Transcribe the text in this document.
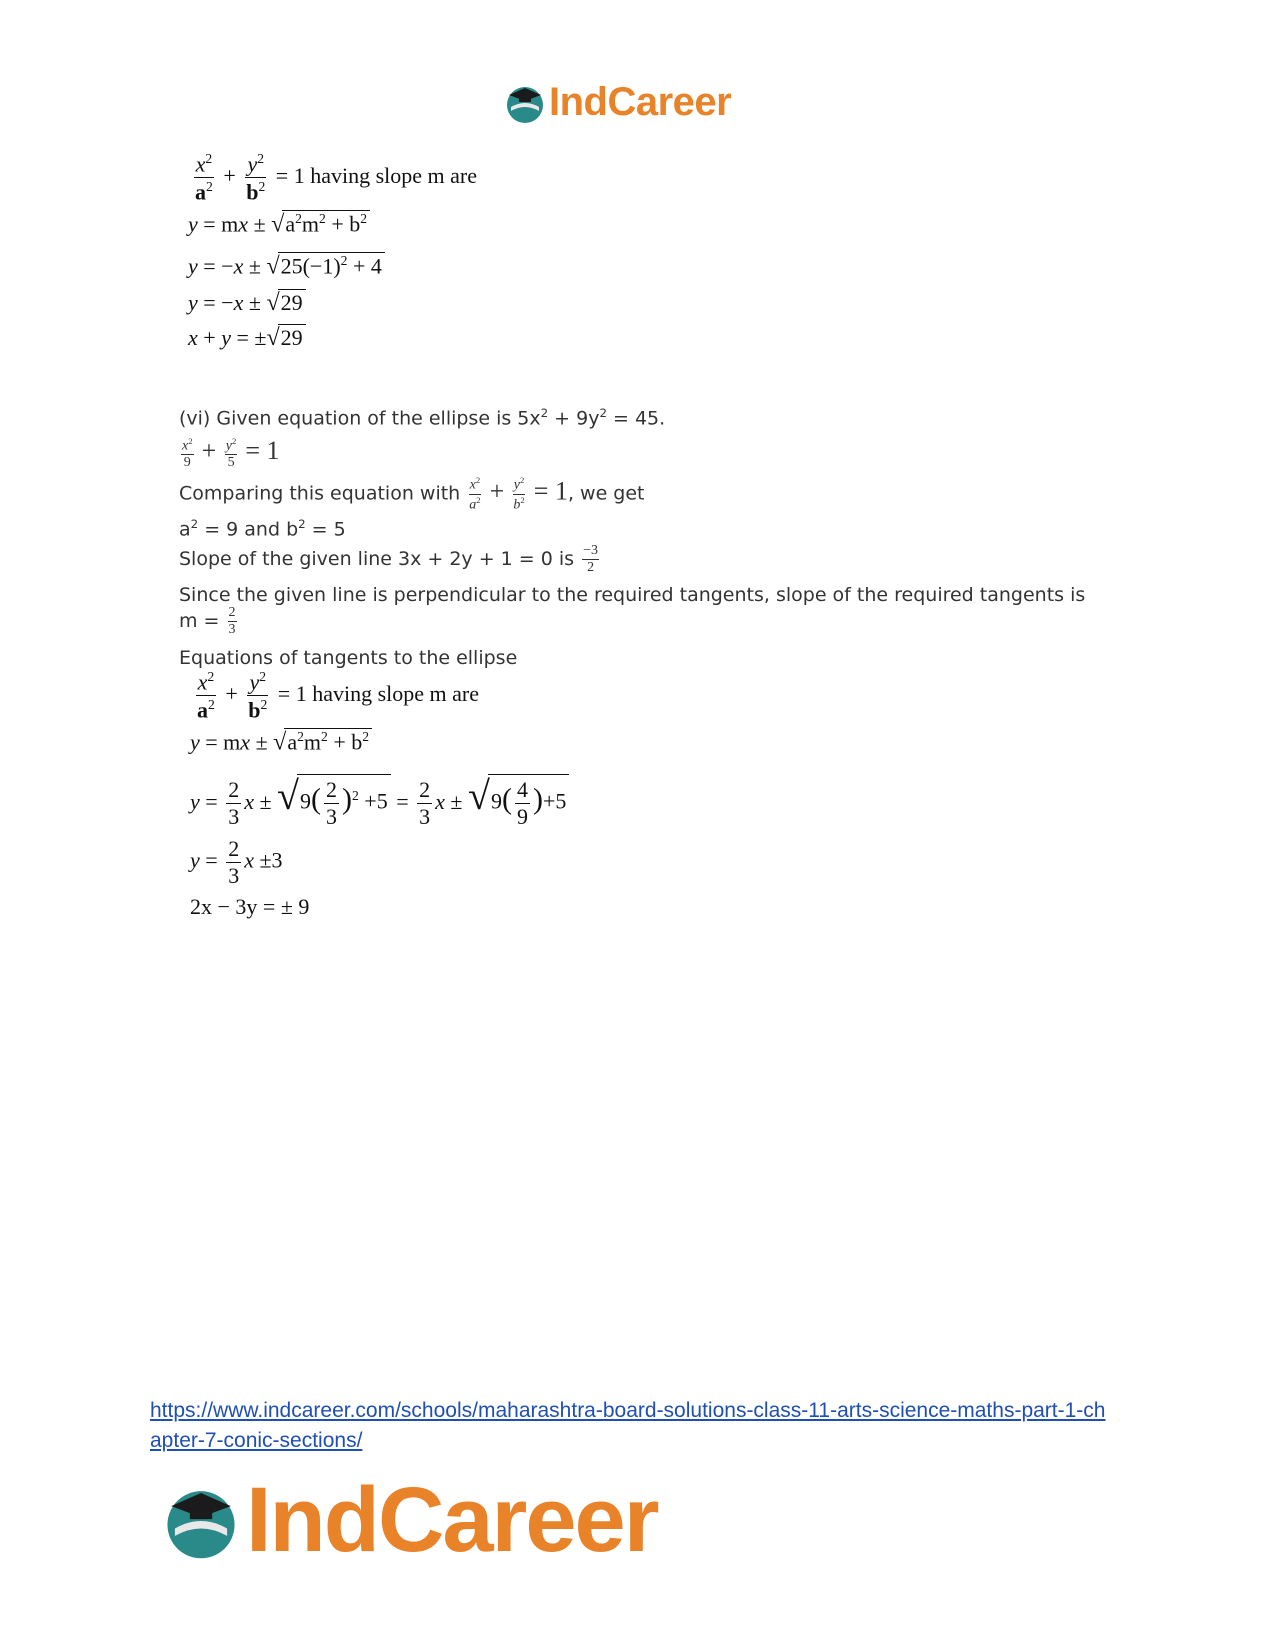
IndCareer
$\frac{x^2}{a^2} + \frac{y^2}{b^2} = 1$ having slope m are
y = mx ± $√a^2m^2 + b^2$
$y = -x \pm √25(-1)^2 + 4$
y = −x ± √29
x + y = ±√29
(vi) Given equation of the ellipse is $5x^2 + 9y^2 = 45$.
$\frac{x^2}{9} + \frac{y^2}{5} = 1$
Comparing this equation with $\frac{x^2}{a^2} + \frac{y^2}{b^2} = 1$, we get
$a^2 = 9$ and $b^2 = 5$
Slope of the given line 3x + 2y + 1 = 0 is $\frac{-3}{2}$
Since the given line is perpendicular to the required tangents, slope of the required tangents is
$m = \frac{2}{3}$
Equations of tangents to the ellipse
$\frac{x^2}{a^2} + \frac{y^2}{b^2} = 1$ having slope m are
y = mx ± $√a^2m^2 + b^2$
$y = \frac{2}{3}$ $x \pm √9( \frac{2}{3} )^2 +5 = \frac{2}{3}$ $x \pm √9( \frac{4}{9} )+5$
$y = \frac{2}{3}$ x ±3
2x − 3y = ± 9
https://www.indcareer.com/schools/maharashtra-board-solutions-class-11-arts-science-maths-part-1-chapter-7-conic-sections/
IndCareer
